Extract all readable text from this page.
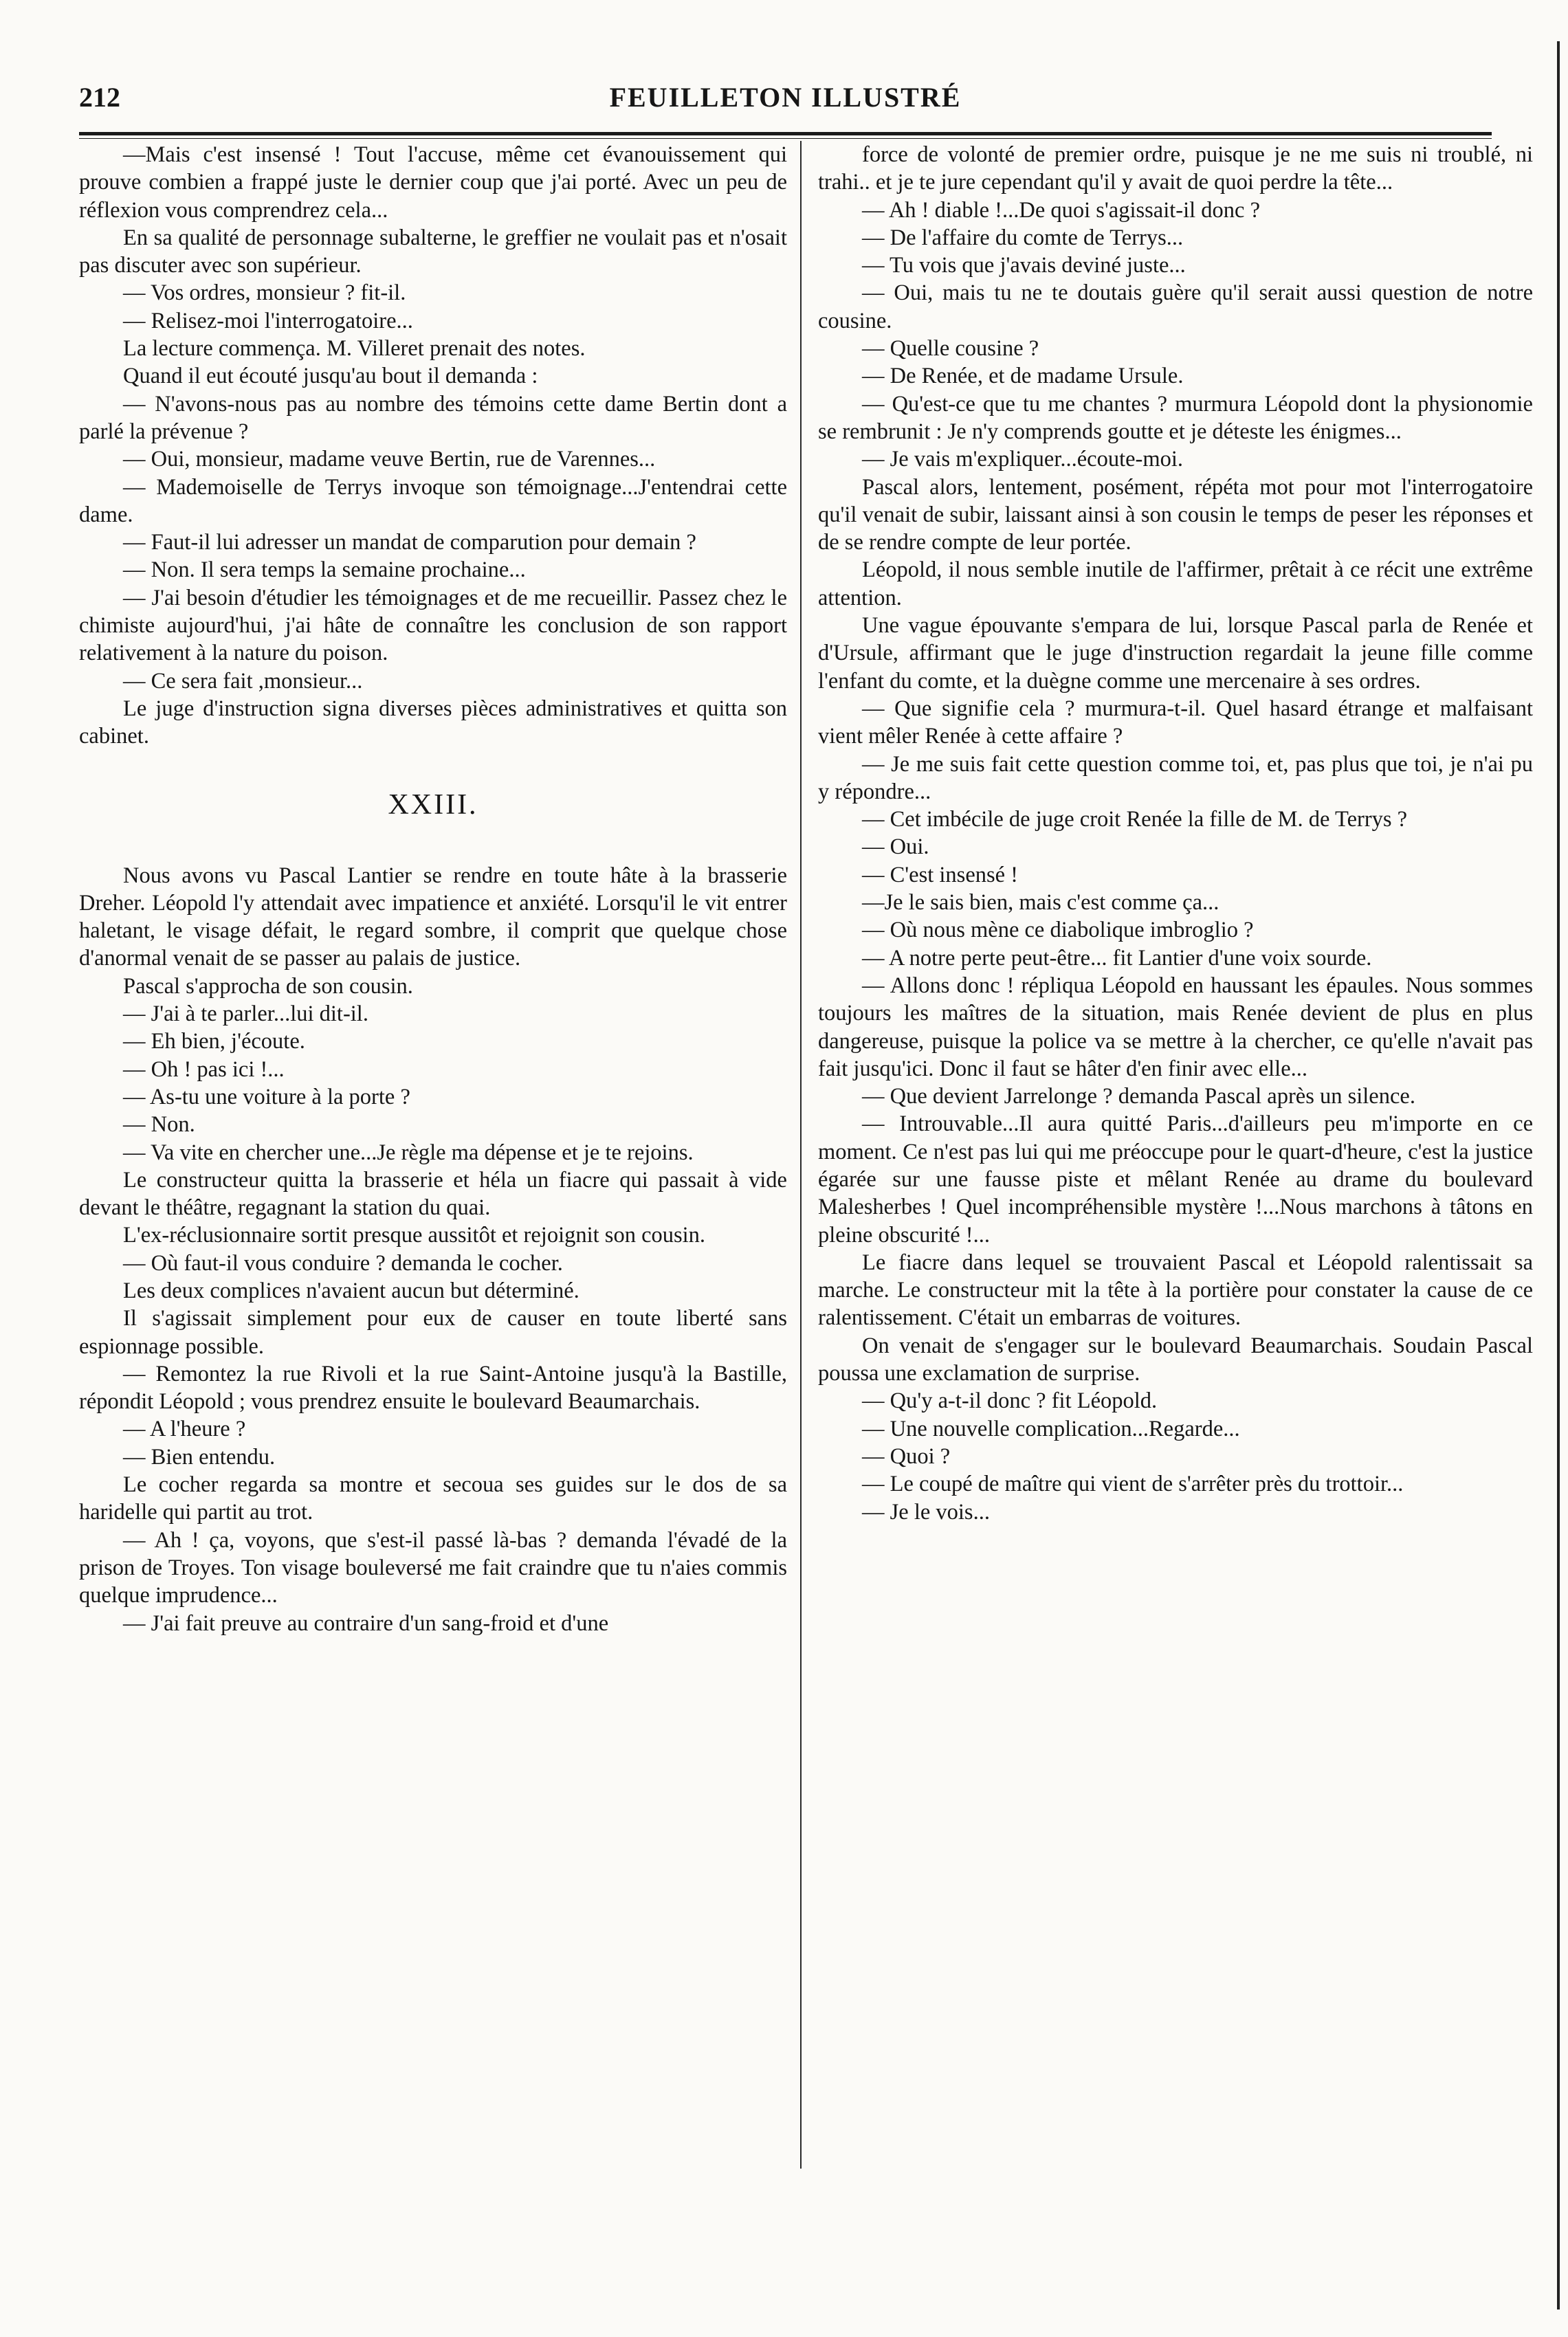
212	FEUILLETON ILLUSTRÉ

—Mais c'est insensé ! Tout l'accuse, même cet évanouissement qui prouve combien a frappé juste le dernier coup que j'ai porté. Avec un peu de réflexion vous comprendrez cela...

En sa qualité de personnage subalterne, le greffier ne voulait pas et n'osait pas discuter avec son supérieur.

— Vos ordres, monsieur ? fit-il.

— Relisez-moi l'interrogatoire...

La lecture commença. M. Villeret prenait des notes.

Quand il eut écouté jusqu'au bout il demanda :

— N'avons-nous pas au nombre des témoins cette dame Bertin dont a parlé la prévenue ?

— Oui, monsieur, madame veuve Bertin, rue de Varennes...

— Mademoiselle de Terrys invoque son témoignage...J'entendrai cette dame.

— Faut-il lui adresser un mandat de comparution pour demain ?

— Non. Il sera temps la semaine prochaine...

— J'ai besoin d'étudier les témoignages et de me recueillir. Passez chez le chimiste aujourd'hui, j'ai hâte de connaître les conclusion de son rapport relativement à la nature du poison.

— Ce sera fait ,monsieur...

Le juge d'instruction signa diverses pièces administratives et quitta son cabinet.

XXIII.

Nous avons vu Pascal Lantier se rendre en toute hâte à la brasserie Dreher. Léopold l'y attendait avec impatience et anxiété. Lorsqu'il le vit entrer haletant, le visage défait, le regard sombre, il comprit que quelque chose d'anormal venait de se passer au palais de justice.

Pascal s'approcha de son cousin.

— J'ai à te parler...lui dit-il.

— Eh bien, j'écoute.

— Oh ! pas ici !...

— As-tu une voiture à la porte ?

— Non.

— Va vite en chercher une...Je règle ma dépense et je te rejoins.

Le constructeur quitta la brasserie et héla un fiacre qui passait à vide devant le théâtre, regagnant la station du quai.

L'ex-réclusionnaire sortit presque aussitôt et rejoignit son cousin.

— Où faut-il vous conduire ? demanda le cocher.

Les deux complices n'avaient aucun but déterminé.

Il s'agissait simplement pour eux de causer en toute liberté sans espionnage possible.

— Remontez la rue Rivoli et la rue Saint-Antoine jusqu'à la Bastille, répondit Léopold ; vous prendrez ensuite le boulevard Beaumarchais.

— A l'heure ?

— Bien entendu.

Le cocher regarda sa montre et secoua ses guides sur le dos de sa haridelle qui partit au trot.

— Ah ! ça, voyons, que s'est-il passé là-bas ? demanda l'évadé de la prison de Troyes. Ton visage bouleversé me fait craindre que tu n'aies commis quelque imprudence...

— J'ai fait preuve au contraire d'un sang-froid et d'une

force de volonté de premier ordre, puisque je ne me suis ni troublé, ni trahi.. et je te jure cependant qu'il y avait de quoi perdre la tête...

— Ah ! diable !...De quoi s'agissait-il donc ?

— De l'affaire du comte de Terrys...

— Tu vois que j'avais deviné juste...

— Oui, mais tu ne te doutais guère qu'il serait aussi question de notre cousine.

— Quelle cousine ?

— De Renée, et de madame Ursule.

— Qu'est-ce que tu me chantes ? murmura Léopold dont la physionomie se rembrunit : Je n'y comprends goutte et je déteste les énigmes...

— Je vais m'expliquer...écoute-moi.

Pascal alors, lentement, posément, répéta mot pour mot l'interrogatoire qu'il venait de subir, laissant ainsi à son cousin le temps de peser les réponses et de se rendre compte de leur portée.

Léopold, il nous semble inutile de l'affirmer, prêtait à ce récit une extrême attention.

Une vague épouvante s'empara de lui, lorsque Pascal parla de Renée et d'Ursule, affirmant que le juge d'instruction regardait la jeune fille comme l'enfant du comte, et la duègne comme une mercenaire à ses ordres.

— Que signifie cela ? murmura-t-il. Quel hasard étrange et malfaisant vient mêler Renée à cette affaire ?

— Je me suis fait cette question comme toi, et, pas plus que toi, je n'ai pu y répondre...

— Cet imbécile de juge croit Renée la fille de M. de Terrys ?

— Oui.

— C'est insensé !

—Je le sais bien, mais c'est comme ça...

— Où nous mène ce diabolique imbroglio ?

— A notre perte peut-être... fit Lantier d'une voix sourde.

— Allons donc ! répliqua Léopold en haussant les épaules. Nous sommes toujours les maîtres de la situation, mais Renée devient de plus en plus dangereuse, puisque la police va se mettre à la chercher, ce qu'elle n'avait pas fait jusqu'ici. Donc il faut se hâter d'en finir avec elle...

— Que devient Jarrelonge ? demanda Pascal après un silence.

— Introuvable...Il aura quitté Paris...d'ailleurs peu m'importe en ce moment. Ce n'est pas lui qui me préoccupe pour le quart-d'heure, c'est la justice égarée sur une fausse piste et mêlant Renée au drame du boulevard Malesherbes ! Quel incompréhensible mystère !...Nous marchons à tâtons en pleine obscurité !...

Le fiacre dans lequel se trouvaient Pascal et Léopold ralentissait sa marche. Le constructeur mit la tête à la portière pour constater la cause de ce ralentissement. C'était un embarras de voitures.

On venait de s'engager sur le boulevard Beaumarchais. Soudain Pascal poussa une exclamation de surprise.

— Qu'y a-t-il donc ? fit Léopold.

— Une nouvelle complication...Regarde...

— Quoi ?

— Le coupé de maître qui vient de s'arrêter près du trottoir...

— Je le vois...
